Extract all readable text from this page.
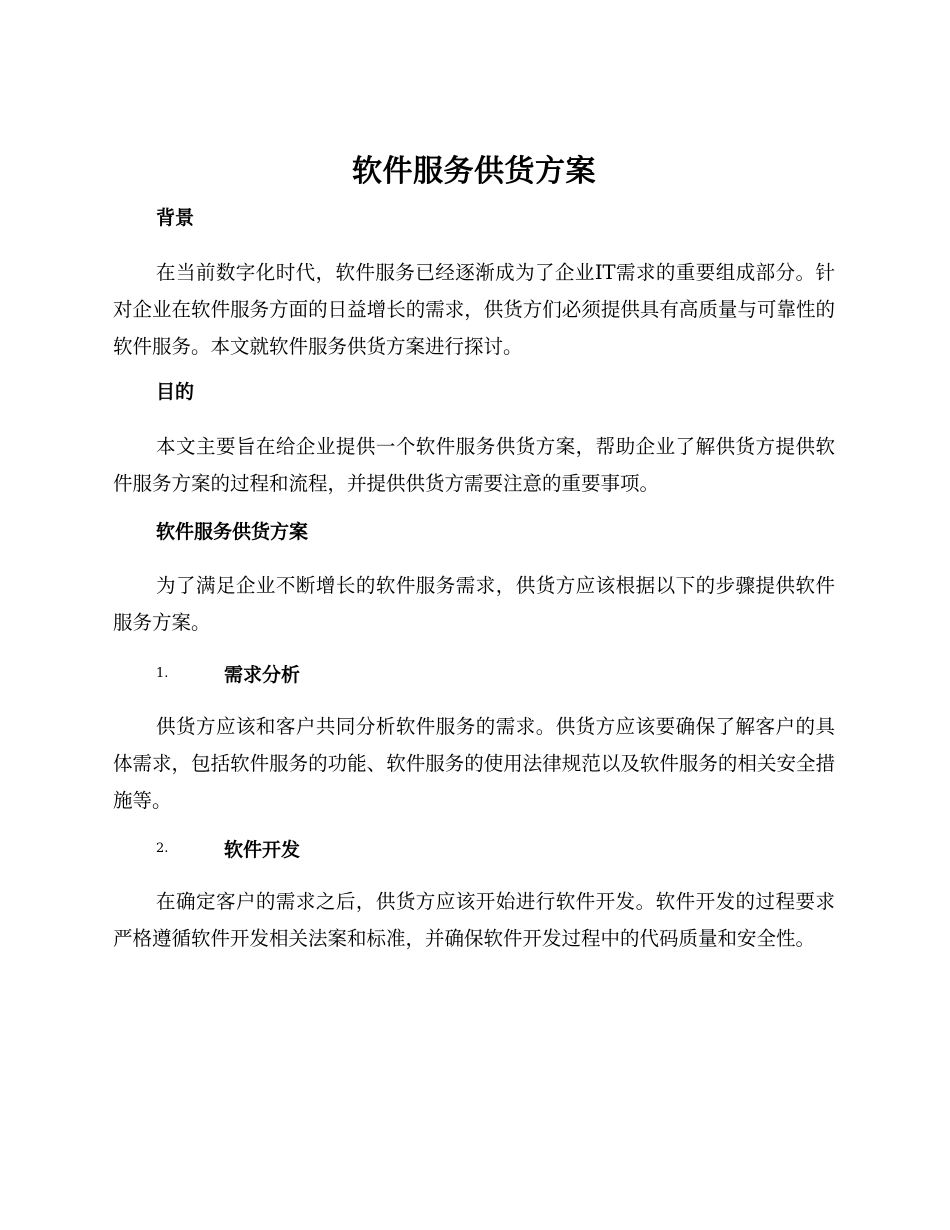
软件服务供货方案
背景

在当前数字化时代，软件服务已经逐渐成为了企业IT需求的重要组成部分。针对企业在软件服务方面的日益增长的需求，供货方们必须提供具有高质量与可靠性的软件服务。本文就软件服务供货方案进行探讨。

目的

本文主要旨在给企业提供一个软件服务供货方案，帮助企业了解供货方提供软件服务方案的过程和流程，并提供供货方需要注意的重要事项。

软件服务供货方案

为了满足企业不断增长的软件服务需求，供货方应该根据以下的步骤提供软件服务方案。

1.	需求分析

供货方应该和客户共同分析软件服务的需求。供货方应该要确保了解客户的具体需求，包括软件服务的功能、软件服务的使用法律规范以及软件服务的相关安全措施等。

2.	软件开发

在确定客户的需求之后，供货方应该开始进行软件开发。软件开发的过程要求严格遵循软件开发相关法案和标准，并确保软件开发过程中的代码质量和安全性。
